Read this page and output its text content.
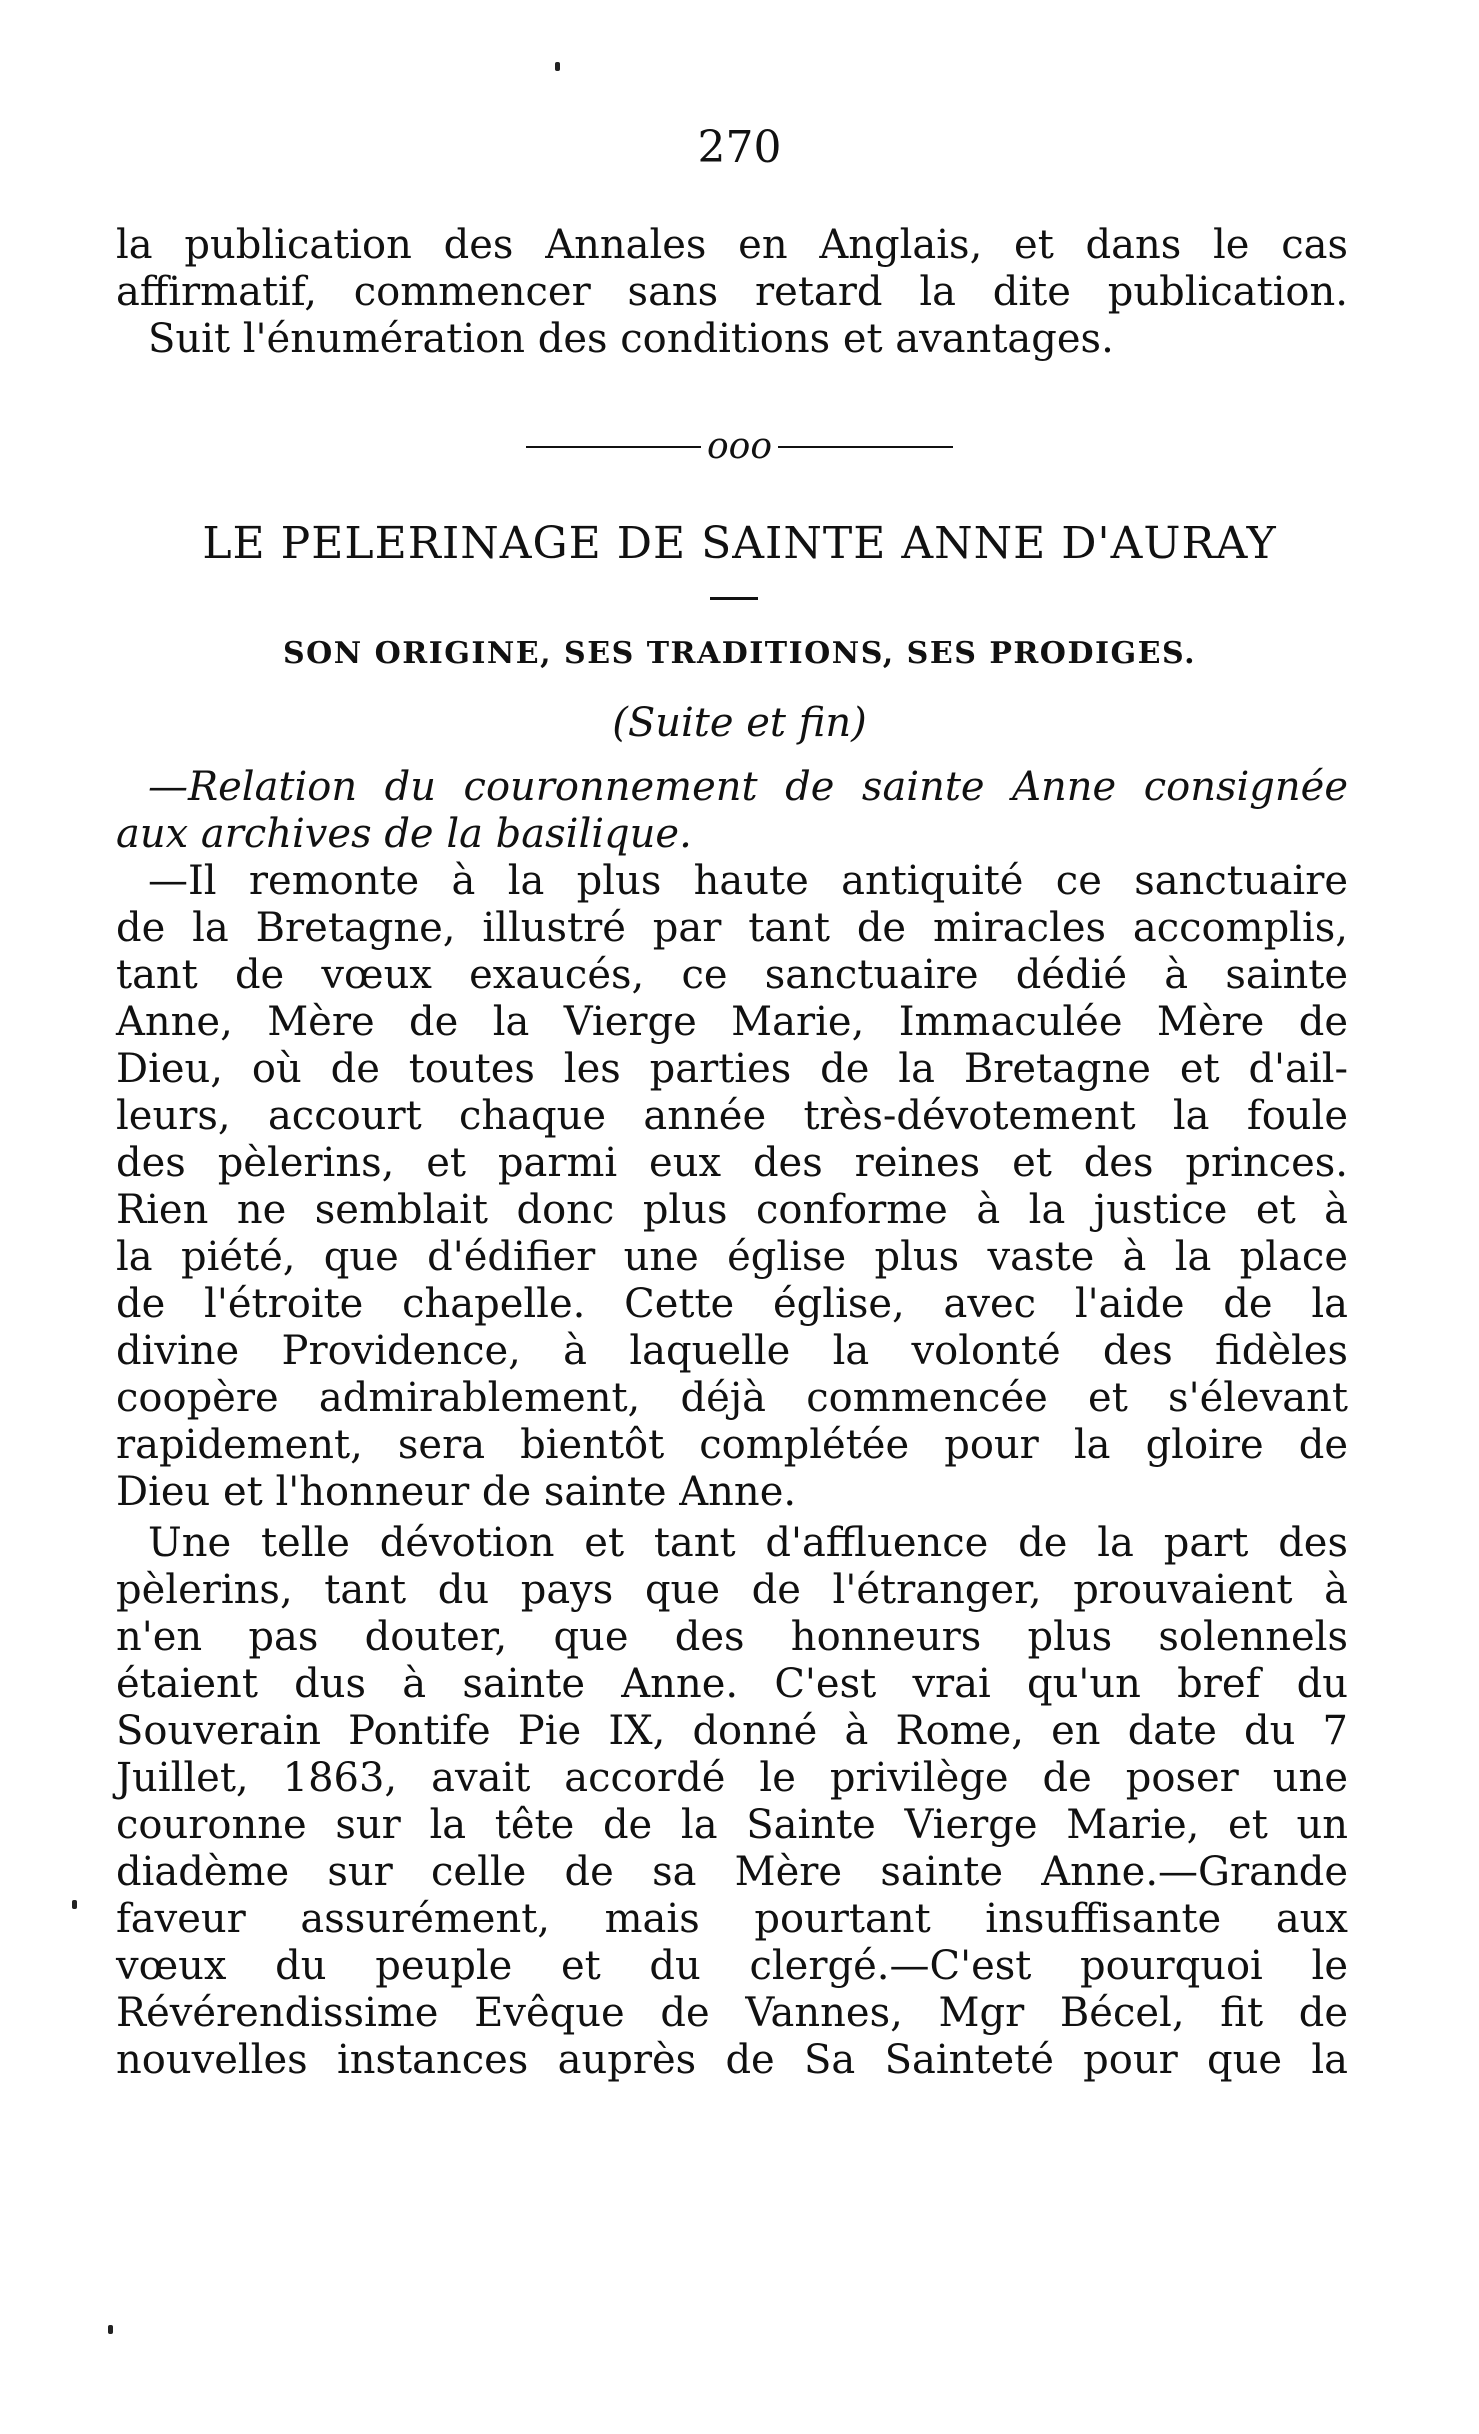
270
la publication des Annales en Anglais, et dans le cas
affirmatif, commencer sans retard la dite publication.
Suit l'énumération des conditions et avantages.
ooo
LE PELERINAGE DE SAINTE ANNE D'AURAY
SON ORIGINE, SES TRADITIONS, SES PRODIGES.
(Suite et fin)
—Relation du couronnement de sainte Anne consignée
aux archives de la basilique.
—Il remonte à la plus haute antiquité ce sanctuaire
de la Bretagne, illustré par tant de miracles accomplis,
tant de vœux exaucés, ce sanctuaire dédié à sainte
Anne, Mère de la Vierge Marie, Immaculée Mère de
Dieu, où de toutes les parties de la Bretagne et d'ail-
leurs, accourt chaque année très-dévotement la foule
des pèlerins, et parmi eux des reines et des princes.
Rien ne semblait donc plus conforme à la justice et à
la piété, que d'édifier une église plus vaste à la place
de l'étroite chapelle. Cette église, avec l'aide de la
divine Providence, à laquelle la volonté des fidèles
coopère admirablement, déjà commencée et s'élevant
rapidement, sera bientôt complétée pour la gloire de
Dieu et l'honneur de sainte Anne.
Une telle dévotion et tant d'affluence de la part des
pèlerins, tant du pays que de l'étranger, prouvaient à
n'en pas douter, que des honneurs plus solennels
étaient dus à sainte Anne. C'est vrai qu'un bref du
Souverain Pontife Pie IX, donné à Rome, en date du 7
Juillet, 1863, avait accordé le privilège de poser une
couronne sur la tête de la Sainte Vierge Marie, et un
diadème sur celle de sa Mère sainte Anne.—Grande
faveur assurément, mais pourtant insuffisante aux
vœux du peuple et du clergé.—C'est pourquoi le
Révérendissime Evêque de Vannes, Mgr Bécel, fit de
nouvelles instances auprès de Sa Sainteté pour que la
